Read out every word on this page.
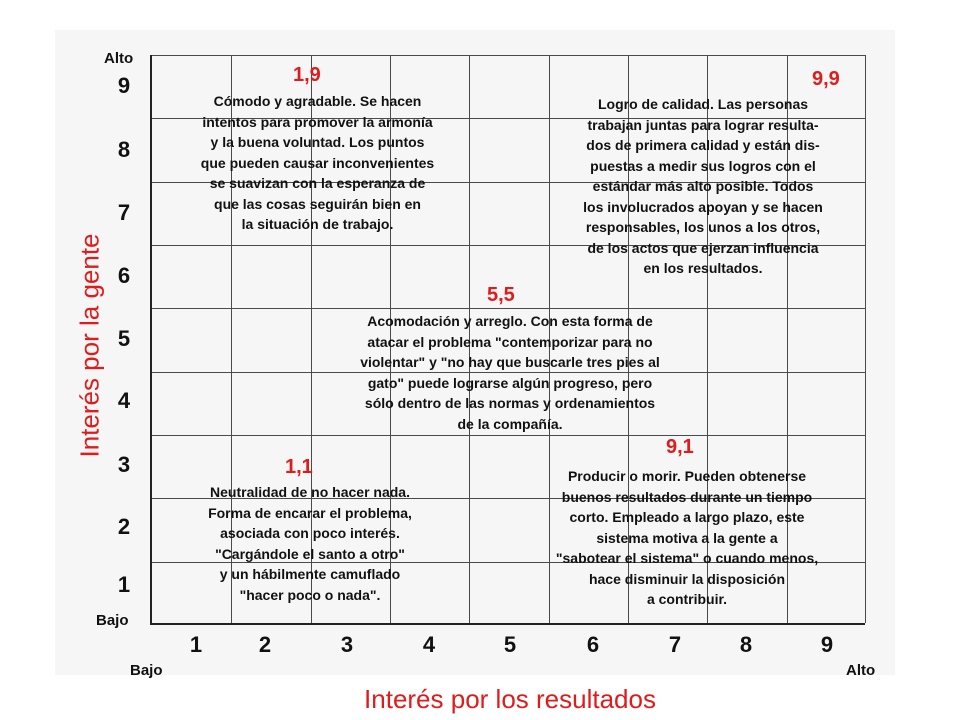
Alto
Bajo
9
8
7
6
5
4
3
2
1
Interés por la gente
1	2	3	4	5	6	7	8	9
Bajo	Alto
Interés por los resultados
1,9
Cómodo y agradable. Se hacen
intentos para promover la armonía
y la buena voluntad. Los puntos
que pueden causar inconvenientes
se suavizan con la esperanza de
que las cosas seguirán bien en
la situación de trabajo.
9,9
Logro de calidad. Las personas
trabajan juntas para lograr resulta-
dos de primera calidad y están dis-
puestas a medir sus logros con el
estándar más alto posible. Todos
los involucrados apoyan y se hacen
responsables, los unos a los otros,
de los actos que ejerzan influencia
en los resultados.
5,5
Acomodación y arreglo. Con esta forma de
atacar el problema "contemporizar para no
violentar" y "no hay que buscarle tres pies al
gato" puede lograrse algún progreso, pero
sólo dentro de las normas y ordenamientos
de la compañía.
1,1
Neutralidad de no hacer nada.
Forma de encarar el problema,
asociada con poco interés.
"Cargándole el santo a otro"
y un hábilmente camuflado
"hacer poco o nada".
9,1
Producir o morir. Pueden obtenerse
buenos resultados durante un tiempo
corto. Empleado a largo plazo, este
sistema motiva a la gente a
"sabotear el sistema" o cuando menos,
hace disminuir la disposición
a contribuir.
